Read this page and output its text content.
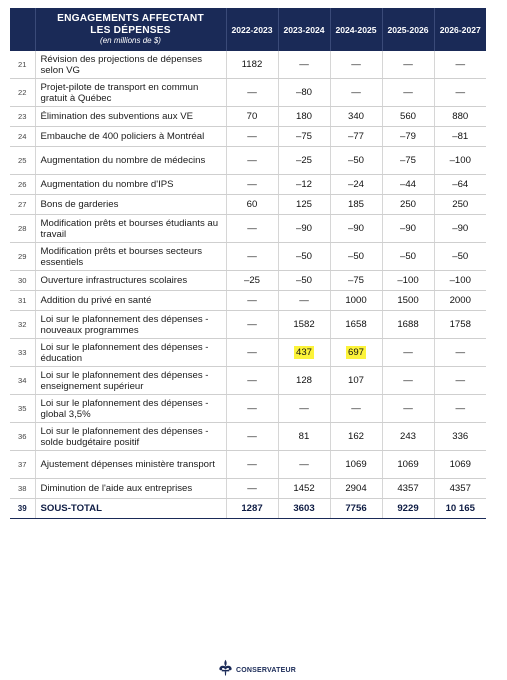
	ENGAGEMENTS AFFECTANT
LES DÉPENSES
(en millions de $)	2022-2023	2023-2024	2024-2025	2025-2026	2026-2027
21	Révision des projections de dépenses selon VG	1182	—	—	—	—
22	Projet-pilote de transport en commun gratuit à Québec	—	–80	—	—	—
23	Élimination des subventions aux VE	70	180	340	560	880
24	Embauche de 400 policiers à Montréal	—	–75	–77	–79	–81
25	Augmentation du nombre de médecins	—	–25	–50	–75	–100
26	Augmentation du nombre d'IPS	—	–12	–24	–44	–64
27	Bons de garderies	60	125	185	250	250
28	Modification prêts et bourses étudiants au travail	—	–90	–90	–90	–90
29	Modification prêts et bourses secteurs essentiels	—	–50	–50	–50	–50
30	Ouverture infrastructures scolaires	–25	–50	–75	–100	–100
31	Addition du privé en santé	—	—	1000	1500	2000
32	Loi sur le plafonnement des dépenses - nouveaux programmes	—	1582	1658	1688	1758
33	Loi sur le plafonnement des dépenses - éducation	—	437	697	—	—
34	Loi sur le plafonnement des dépenses - enseignement supérieur	—	128	107	—	—
35	Loi sur le plafonnement des dépenses - global 3,5%	—	—	—	—	—
36	Loi sur le plafonnement des dépenses - solde budgétaire positif	—	81	162	243	336
37	Ajustement dépenses ministère transport	—	—	1069	1069	1069
38	Diminution de l'aide aux entreprises	—	1452	2904	4357	4357
39	SOUS-TOTAL	1287	3603	7756	9229	10 165
CONSERVATEUR
